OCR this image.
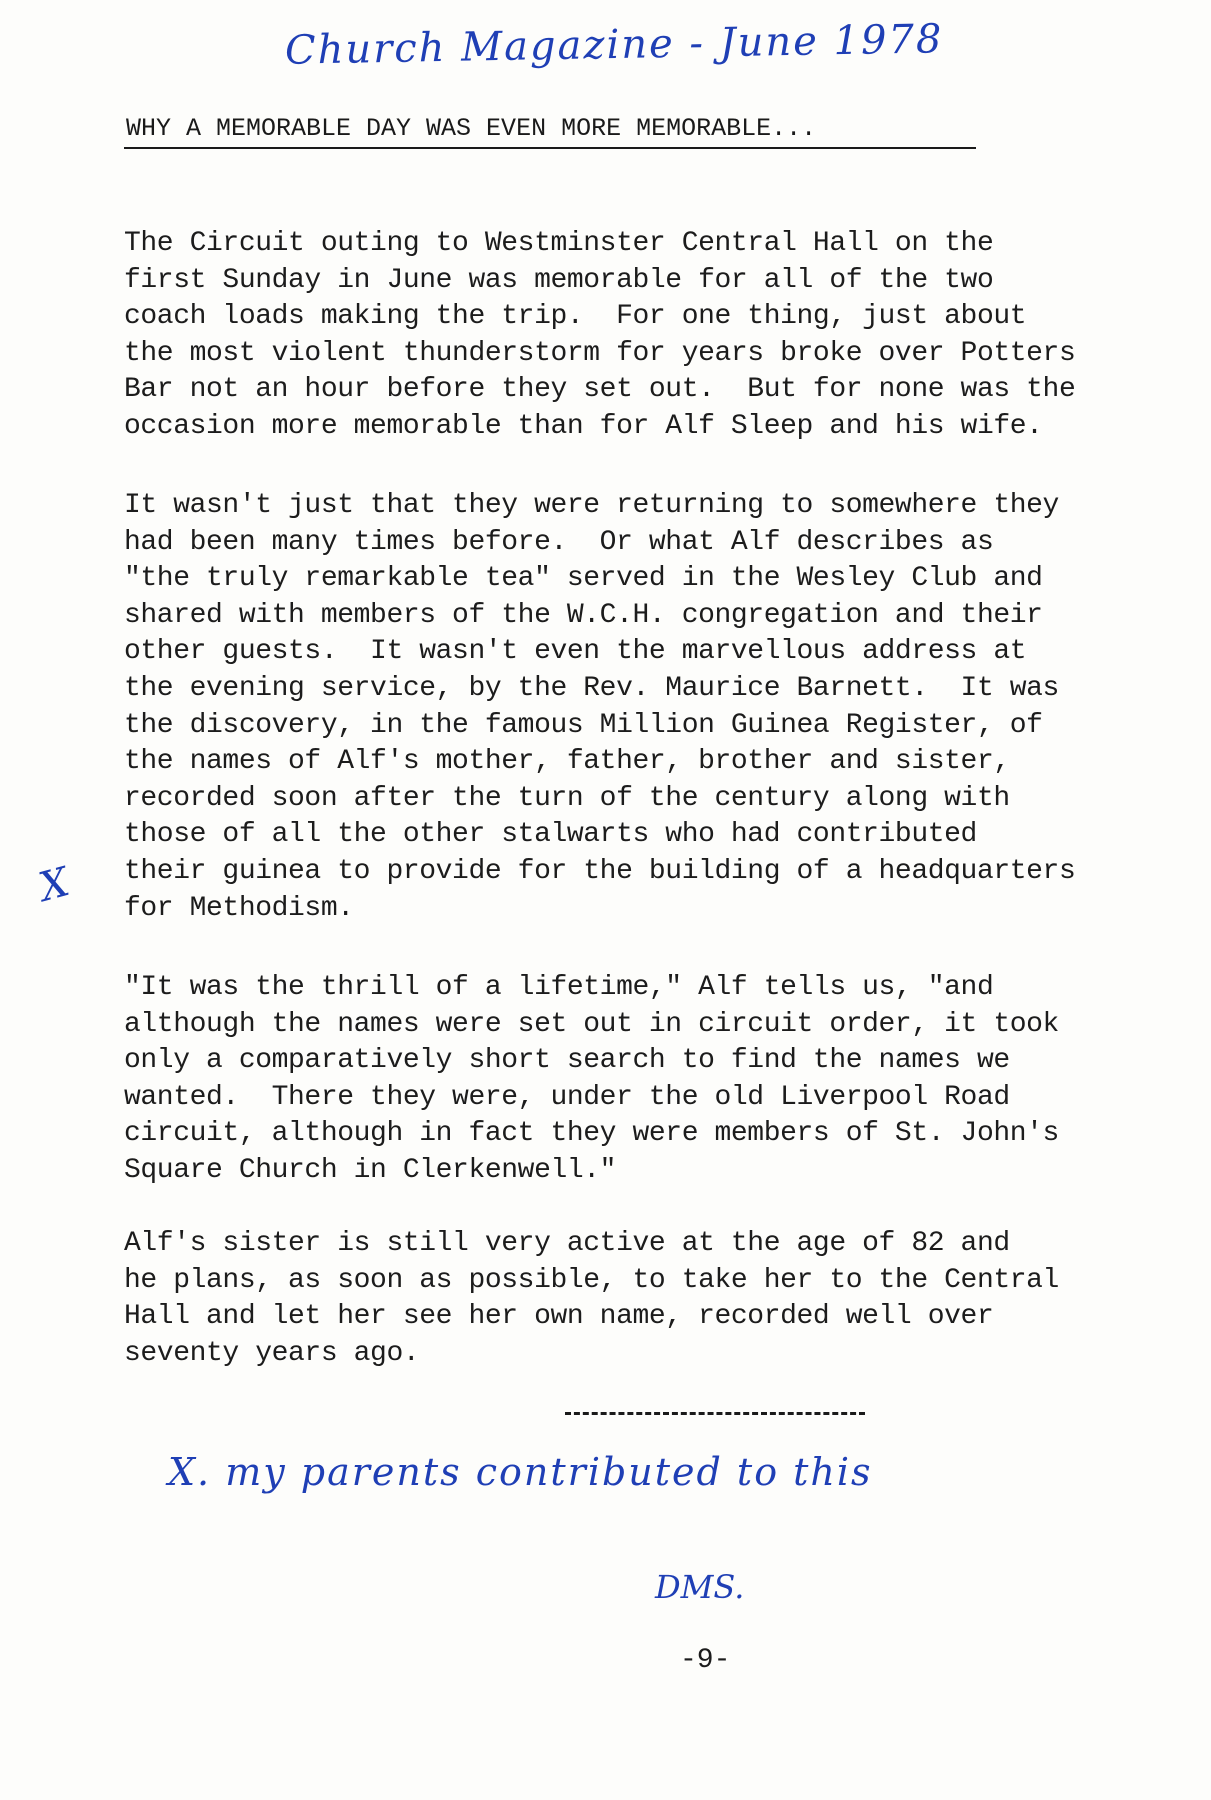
Church Magazine - June 1978
WHY A MEMORABLE DAY WAS EVEN MORE MEMORABLE...

The Circuit outing to Westminster Central Hall on the
first Sunday in June was memorable for all of the two
coach loads making the trip.  For one thing, just about
the most violent thunderstorm for years broke over Potters
Bar not an hour before they set out.  But for none was the
occasion more memorable than for Alf Sleep and his wife.

It wasn't just that they were returning to somewhere they
had been many times before.  Or what Alf describes as
"the truly remarkable tea" served in the Wesley Club and
shared with members of the W.C.H. congregation and their
other guests.  It wasn't even the marvellous address at
the evening service, by the Rev. Maurice Barnett.  It was
the discovery, in the famous Million Guinea Register, of
the names of Alf's mother, father, brother and sister,
recorded soon after the turn of the century along with
those of all the other stalwarts who had contributed
their guinea to provide for the building of a headquarters
for Methodism.

X

"It was the thrill of a lifetime," Alf tells us, "and
although the names were set out in circuit order, it took
only a comparatively short search to find the names we
wanted.  There they were, under the old Liverpool Road
circuit, although in fact they were members of St. John's
Square Church in Clerkenwell."

Alf's sister is still very active at the age of 82 and
he plans, as soon as possible, to take her to the Central
Hall and let her see her own name, recorded well over
seventy years ago.

X. my parents contributed to this
DMS.
-9-
